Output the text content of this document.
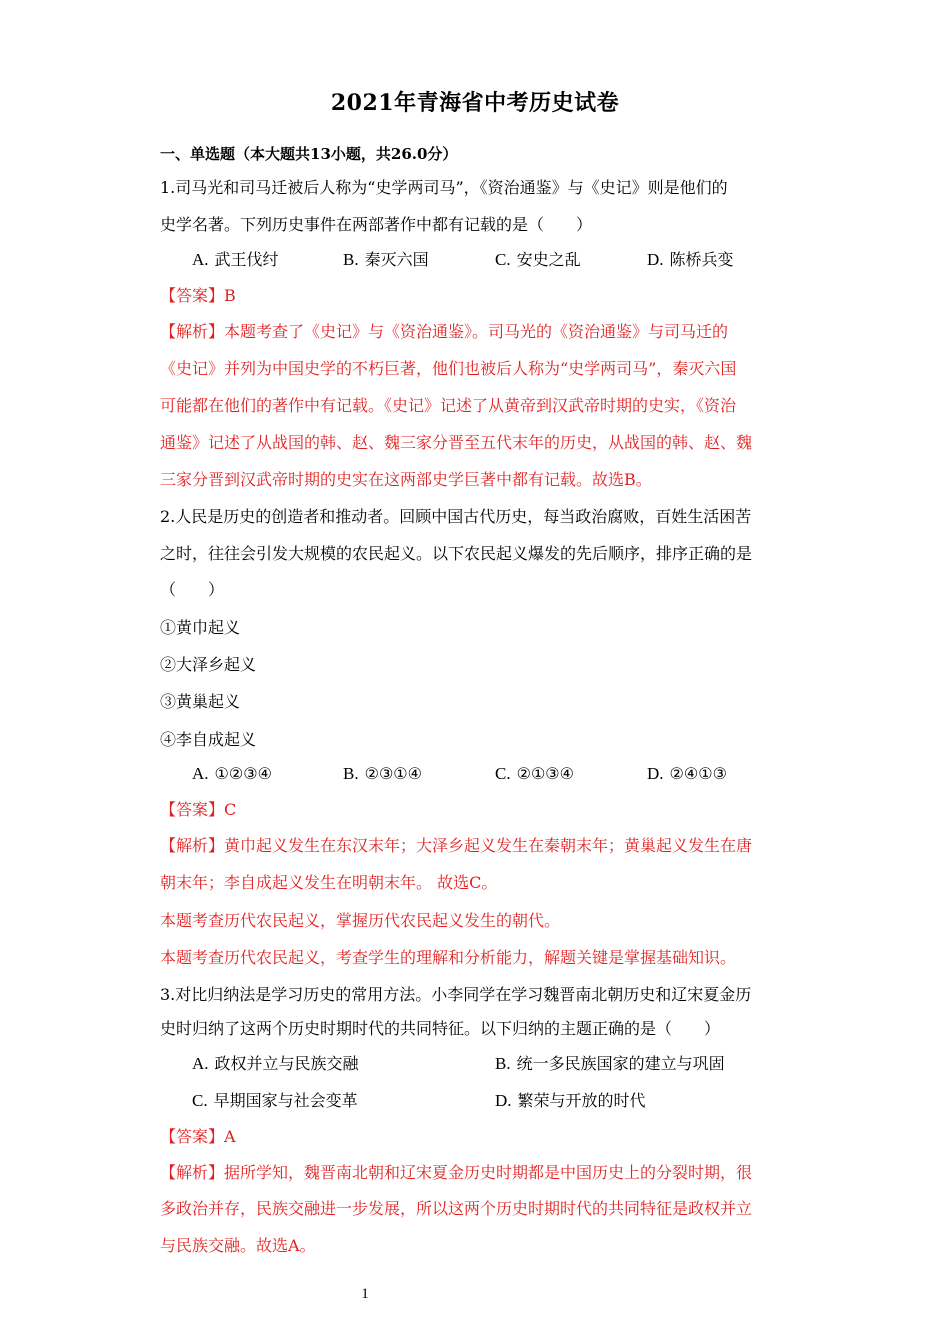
2021年青海省中考历史试卷
一、单选题（本大题共13小题，共26.0分）
1.司马光和司马迁被后人称为“史学两司马”，《资治通鉴》与《史记》则是他们的
史学名著。下列历史事件在两部著作中都有记载的是（　　）
A. 武王伐纣	B. 秦灭六国	C. 安史之乱	D. 陈桥兵变
【答案】B
【解析】本题考查了《史记》与《资治通鉴》。司马光的《资治通鉴》与司马迁的
《史记》并列为中国史学的不朽巨著，他们也被后人称为“史学两司马”，秦灭六国
可能都在他们的著作中有记载。《史记》记述了从黄帝到汉武帝时期的史实，《资治
通鉴》记述了从战国的韩、赵、魏三家分晋至五代末年的历史，从战国的韩、赵、魏
三家分晋到汉武帝时期的史实在这两部史学巨著中都有记载。故选B。
2.人民是历史的创造者和推动者。回顾中国古代历史，每当政治腐败，百姓生活困苦
之时，往往会引发大规模的农民起义。以下农民起义爆发的先后顺序，排序正确的是
（　　）
①黄巾起义
②大泽乡起义
③黄巢起义
④李自成起义
A. ①②③④	B. ②③①④	C. ②①③④	D. ②④①③
【答案】C
【解析】黄巾起义发生在东汉末年；大泽乡起义发生在秦朝末年；黄巢起义发生在唐
朝末年；李自成起义发生在明朝末年。 故选C。
本题考查历代农民起义，掌握历代农民起义发生的朝代。
本题考查历代农民起义，考查学生的理解和分析能力，解题关键是掌握基础知识。
3.对比归纳法是学习历史的常用方法。小李同学在学习魏晋南北朝历史和辽宋夏金历
史时归纳了这两个历史时期时代的共同特征。以下归纳的主题正确的是（　　）
A. 政权并立与民族交融	B. 统一多民族国家的建立与巩固
C. 早期国家与社会变革	D. 繁荣与开放的时代
【答案】A
【解析】据所学知，魏晋南北朝和辽宋夏金历史时期都是中国历史上的分裂时期，很
多政治并存，民族交融进一步发展，所以这两个历史时期时代的共同特征是政权并立
与民族交融。故选A。
1
